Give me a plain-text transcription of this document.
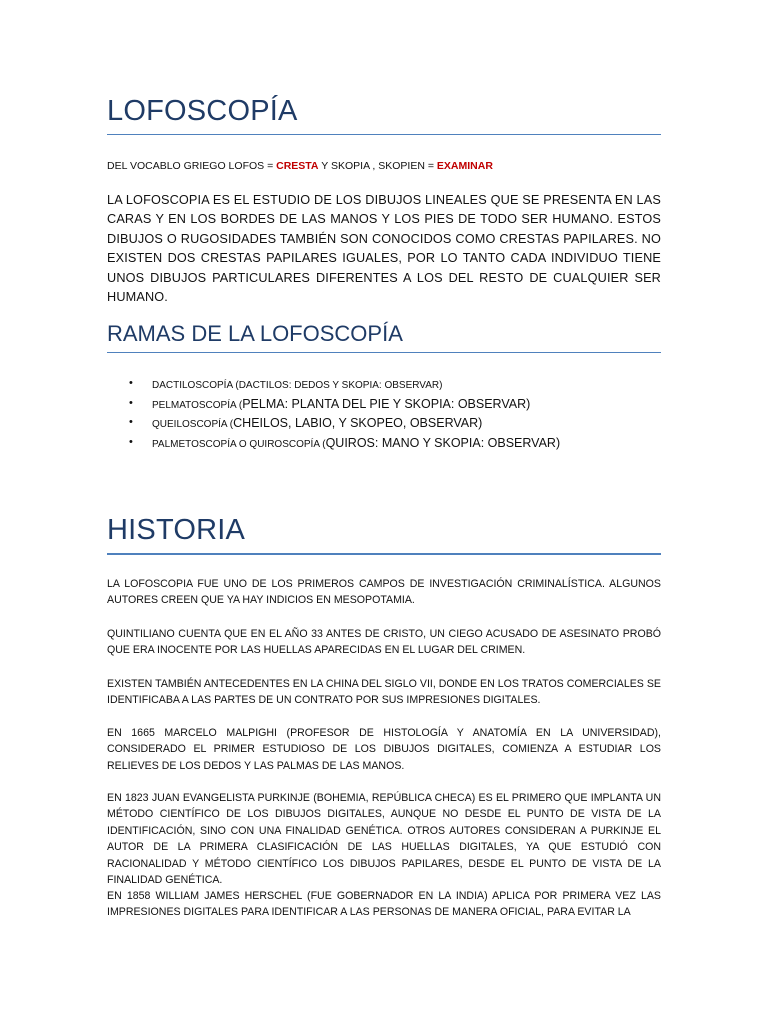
LOFOSCOPÍA
DEL VOCABLO GRIEGO LOFOS = CRESTA Y SKOPIA , SKOPIEN = EXAMINAR
LA LOFOSCOPIA ES EL ESTUDIO DE LOS DIBUJOS LINEALES QUE SE PRESENTA EN LAS CARAS Y EN LOS BORDES DE LAS MANOS Y LOS PIES DE TODO SER HUMANO. ESTOS DIBUJOS O RUGOSIDADES TAMBIÉN SON CONOCIDOS COMO CRESTAS PAPILARES. NO EXISTEN DOS CRESTAS PAPILARES IGUALES, POR LO TANTO CADA INDIVIDUO TIENE UNOS DIBUJOS PARTICULARES DIFERENTES A LOS DEL RESTO DE CUALQUIER SER HUMANO.
RAMAS DE LA LOFOSCOPÍA
• DACTILOSCOPÍA (DACTILOS: DEDOS Y SKOPIA: OBSERVAR)
• PELMATOSCOPÍA (PELMA: PLANTA DEL PIE Y SKOPIA: OBSERVAR)
• QUEILOSCOPÍA (CHEILOS, LABIO, Y SKOPEO, OBSERVAR)
• PALMETOSCOPÍA O QUIROSCOPÍA (QUIROS: MANO Y SKOPIA: OBSERVAR)
HISTORIA
LA LOFOSCOPIA FUE UNO DE LOS PRIMEROS CAMPOS DE INVESTIGACIÓN CRIMINALÍSTICA. ALGUNOS AUTORES CREEN QUE YA HAY INDICIOS EN MESOPOTAMIA.
QUINTILIANO CUENTA QUE EN EL AÑO 33 ANTES DE CRISTO, UN CIEGO ACUSADO DE ASESINATO PROBÓ QUE ERA INOCENTE POR LAS HUELLAS APARECIDAS EN EL LUGAR DEL CRIMEN.
EXISTEN TAMBIÉN ANTECEDENTES EN LA CHINA DEL SIGLO VII, DONDE EN LOS TRATOS COMERCIALES SE IDENTIFICABA A LAS PARTES DE UN CONTRATO POR SUS IMPRESIONES DIGITALES.
EN 1665 MARCELO MALPIGHI (PROFESOR DE HISTOLOGÍA Y ANATOMÍA EN LA UNIVERSIDAD), CONSIDERADO EL PRIMER ESTUDIOSO DE LOS DIBUJOS DIGITALES, COMIENZA A ESTUDIAR LOS RELIEVES DE LOS DEDOS Y LAS PALMAS DE LAS MANOS.
EN 1823 JUAN EVANGELISTA PURKINJE (BOHEMIA, REPÚBLICA CHECA) ES EL PRIMERO QUE IMPLANTA UN MÉTODO CIENTÍFICO DE LOS DIBUJOS DIGITALES, AUNQUE NO DESDE EL PUNTO DE VISTA DE LA IDENTIFICACIÓN, SINO CON UNA FINALIDAD GENÉTICA. OTROS AUTORES CONSIDERAN A PURKINJE EL AUTOR DE LA PRIMERA CLASIFICACIÓN DE LAS HUELLAS DIGITALES, YA QUE ESTUDIÓ CON RACIONALIDAD Y MÉTODO CIENTÍFICO LOS DIBUJOS PAPILARES, DESDE EL PUNTO DE VISTA DE LA FINALIDAD GENÉTICA.
EN 1858 WILLIAM JAMES HERSCHEL (FUE GOBERNADOR EN LA INDIA) APLICA POR PRIMERA VEZ LAS IMPRESIONES DIGITALES PARA IDENTIFICAR A LAS PERSONAS DE MANERA OFICIAL, PARA EVITAR LA
